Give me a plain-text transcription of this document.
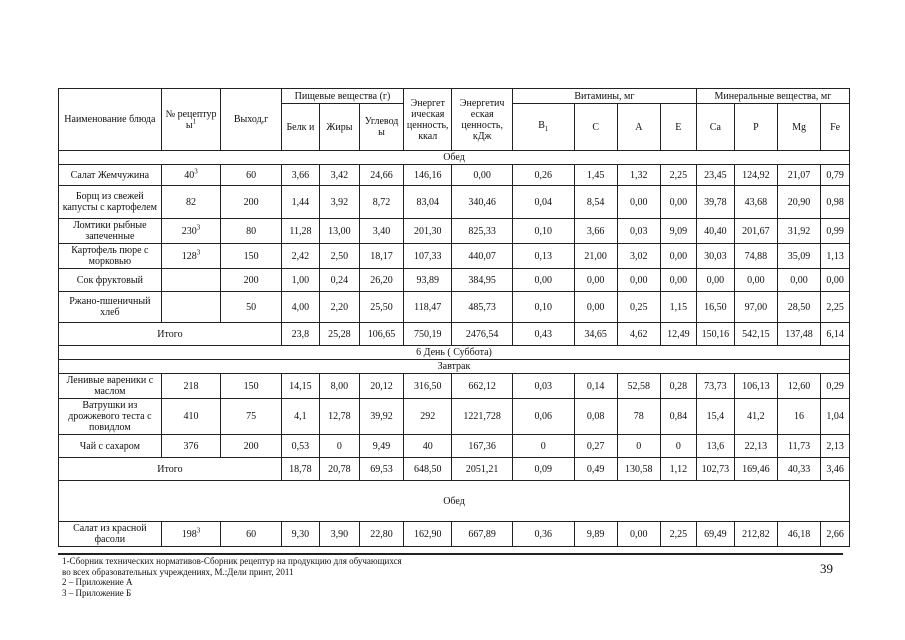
Наименование блюда	№ рецептур $ы^1$	Выход,г	Пищевые вещества (г)			Энергет ическая ценность, ккал	Энергетич еская ценность, кДж	Витамины, мг				Минеральные вещества, мг			
			Белк и	Жиры	Углевод ы			$B_1$	C	A	E	Ca	P	Mg	Fe
Обед															
Салат Жемчужина	$40^3$	60	3,66	3,42	24,66	146,16	0,00	0,26	1,45	1,32	2,25	23,45	124,92	21,07	0,79
Борщ из свежей капусты с картофелем	82	200	1,44	3,92	8,72	83,04	340,46	0,04	8,54	0,00	0,00	39,78	43,68	20,90	0,98
Ломтики рыбные запеченные	$230^3$	80	11,28	13,00	3,40	201,30	825,33	0,10	3,66	0,03	9,09	40,40	201,67	31,92	0,99
Картофель пюре с морковью	$128^3$	150	2,42	2,50	18,17	107,33	440,07	0,13	21,00	3,02	0,00	30,03	74,88	35,09	1,13
Сок фруктовый		200	1,00	0,24	26,20	93,89	384,95	0,00	0,00	0,00	0,00	0,00	0,00	0,00	0,00
Ржано-пшеничный хлеб		50	4,00	2,20	25,50	118,47	485,73	0,10	0,00	0,25	1,15	16,50	97,00	28,50	2,25
Итого			23,8	25,28	106,65	750,19	2476,54	0,43	34,65	4,62	12,49	150,16	542,15	137,48	6,14
6 День ( Суббота)															
Завтрак															
Ленивые вареники с маслом	218	150	14,15	8,00	20,12	316,50	662,12	0,03	0,14	52,58	0,28	73,73	106,13	12,60	0,29
Ватрушки из дрожжевого теста с повидлом	410	75	4,1	12,78	39,92	292	1221,728	0,06	0,08	78	0,84	15,4	41,2	16	1,04
Чай с сахаром	376	200	0,53	0	9,49	40	167,36	0	0,27	0	0	13,6	22,13	11,73	2,13
Итого			18,78	20,78	69,53	648,50	2051,21	0,09	0,49	130,58	1,12	102,73	169,46	40,33	3,46
Обед															
Салат из красной фасоли	$198^3$	60	9,30	3,90	22,80	162,90	667,89	0,36	9,89	0,00	2,25	69,49	212,82	46,18	2,66
1-Сборник технических нормативов-Сборник рецептур на продукцию для обучающихся
во всех образовательных учреждениях, М.:Дели принт, 2011
2 – Приложение А
3 – Приложение Б
39
